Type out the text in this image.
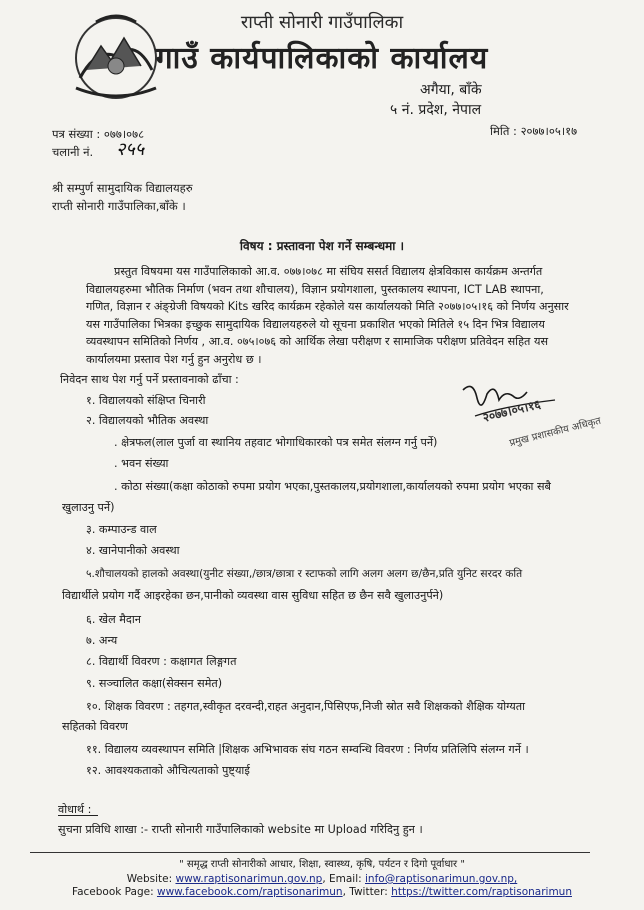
राप्ती सोनारी गाउँपालिका
गाउँ कार्यपालिकाको कार्यालय
अगैया, बाँके
५ नं. प्रदेश, नेपाल
पत्र संख्या : ०७७।०७८
चलानी नं. २५५
मिति : २०७७।०५।१७
श्री सम्पुर्ण सामुदायिक विद्यालयहरु
राप्ती सोनारी गाउँपालिका,बाँके ।
विषय : प्रस्तावना पेश गर्ने सम्बन्धमा ।
प्रस्तुत विषयमा यस गाउँपालिकाको आ.व. ०७७।०७८ मा संघिय ससर्त विद्यालय क्षेत्रविकास कार्यक्रम अन्तर्गत
विद्यालयहरुमा भौतिक निर्माण (भवन तथा शौचालय), विज्ञान प्रयोगशाला, पुस्तकालय स्थापना, ICT LAB स्थापना,
गणित, विज्ञान र अंङ्ग्रेजी विषयको Kits खरिद कार्यक्रम रहेकोले यस कार्यालयको मिति २०७७।०५।१६ को निर्णय अनुसार
यस गाउँपालिका भित्रका इच्छुक सामुदायिक विद्यालयहरुले यो सूचना प्रकाशित भएको मितिले १५ दिन भित्र विद्यालय
व्यवस्थापन समितिको निर्णय , आ.व. ०७५।०७६ को आर्थिक लेखा परीक्षण र सामाजिक परीक्षण प्रतिवेदन सहित यस
कार्यालयमा प्रस्ताव पेश गर्नु हुन अनुरोध छ ।
निवेदन साथ पेश गर्नु पर्ने प्रस्तावनाको ढाँचा :
१. विद्यालयको संक्षिप्त चिनारी
२. विद्यालयको भौतिक अवस्था
. क्षेत्रफल(लाल पुर्जा वा स्थानिय तहवाट भोगाधिकारको पत्र समेत संलग्न गर्नु पर्ने)
. भवन संख्या
. कोठा संख्या(कक्षा कोठाको रुपमा प्रयोग भएका,पुस्तकालय,प्रयोगशाला,कार्यालयको रुपमा प्रयोग भएका सबै
खुलाउनु पर्ने)
३. कम्पाउन्ड वाल
४. खानेपानीको अवस्था
५.शौचालयको हालको अवस्था(युनीट संख्या,/छात्र/छात्रा र स्टाफको लागि अलग अलग छ/छैन,प्रति युनिट सरदर कति
विद्यार्थीले प्रयोग गर्दै आइरहेका छन,पानीको व्यवस्था वास सुविधा सहित छ छैन सवै खुलाउनुर्पने)
६. खेल मैदान
७. अन्य
८. विद्यार्थी विवरण : कक्षागत लिङ्गगत
९. सञ्चालित कक्षा(सेक्सन समेत)
१०. शिक्षक विवरण : तहगत,स्वीकृत दरवन्दी,राहत अनुदान,पिसिएफ,निजी स्रोत सवै शिक्षकको शैक्षिक योग्यता
सहितको विवरण
११. विद्यालय व्यवस्थापन समिति |शिक्षक अभिभावक संघ गठन सम्वन्धि विवरण : निर्णय प्रतिलिपि संलग्न गर्ने ।
१२. आवश्यकताको औचित्यताको पुष्ट्याई
२०७७।०५।१६
प्रमुख प्रशासकीय अधिकृत
वोधार्थ :
सुचना प्रविधि शाखा :- राप्ती सोनारी गाउँपालिकाको website मा Upload गरिदिनु हुन ।
" समृद्ध राप्ती सोनारीको आधार, शिक्षा, स्वास्थ्य, कृषि, पर्यटन र दिगो पूर्वाधार "
Website: www.raptisonarimun.gov.np, Email: info@raptisonarimun.gov.np,
Facebook Page: www.facebook.com/raptisonarimun, Twitter: https://twitter.com/raptisonarimun
